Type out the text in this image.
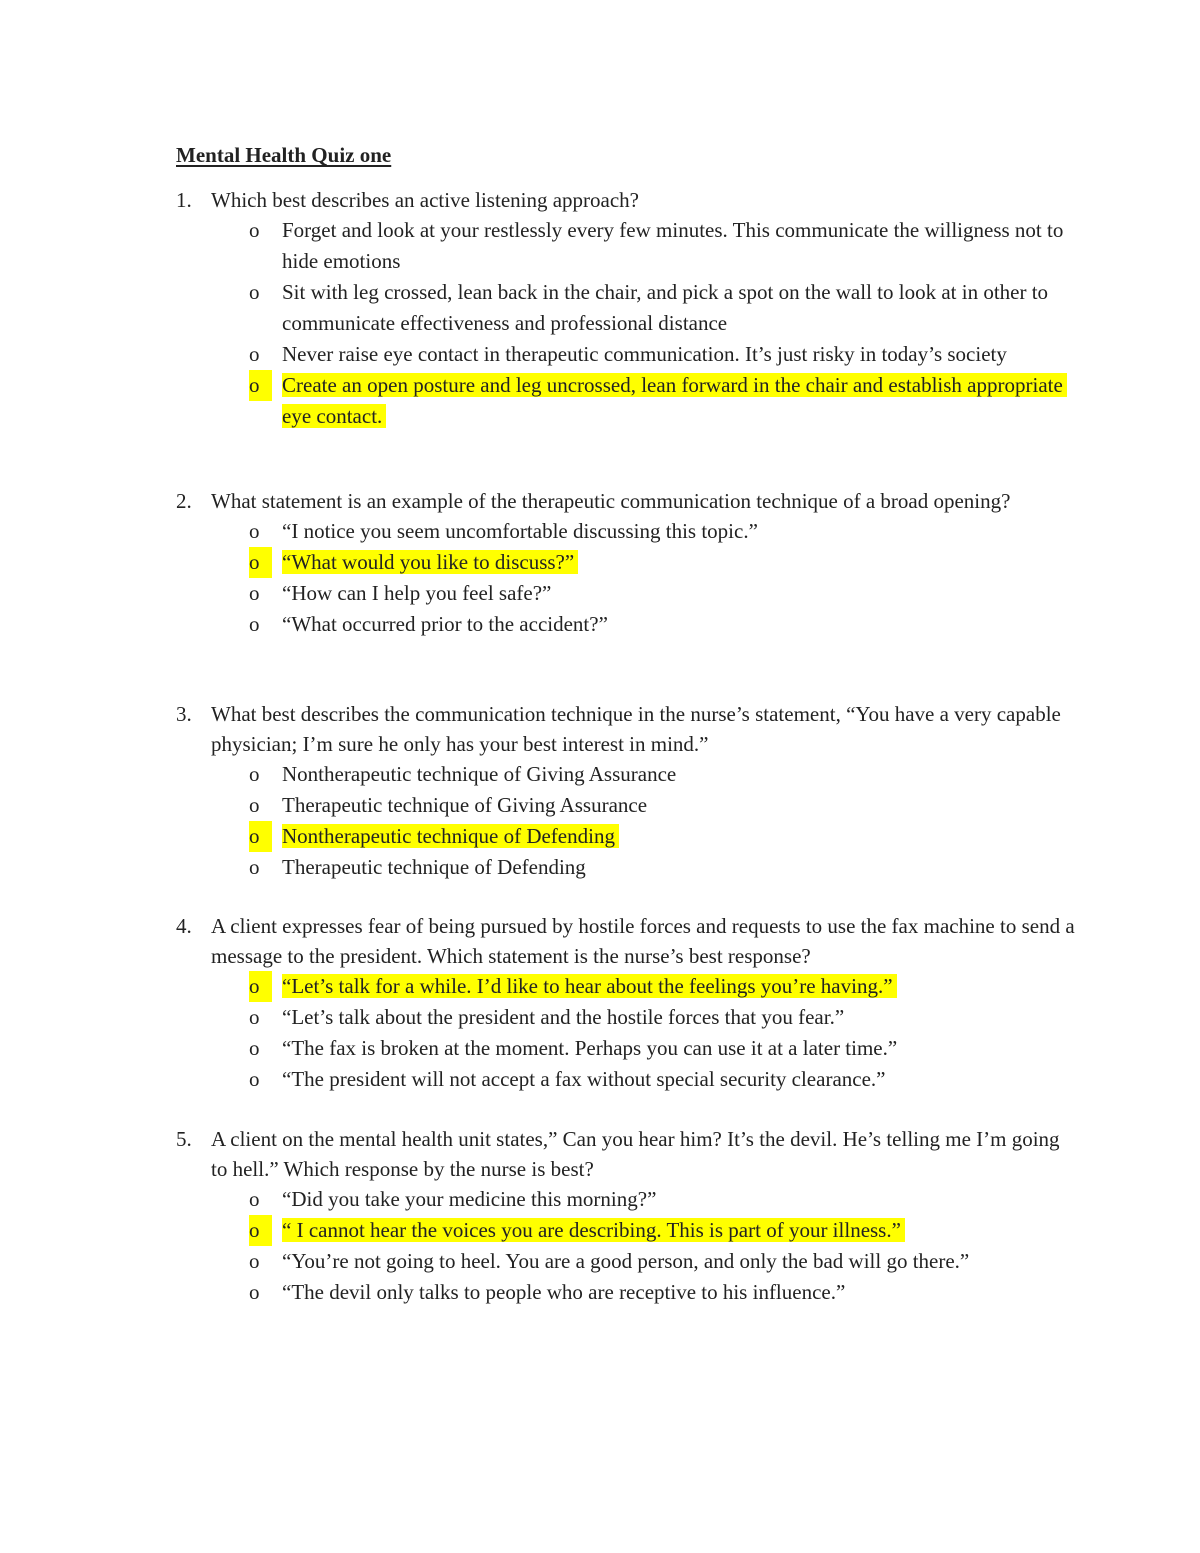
Mental Health Quiz one
1. Which best describes an active listening approach?
o Forget and look at your restlessly every few minutes. This communicate the willigness not to hide emotions
o Sit with leg crossed, lean back in the chair, and pick a spot on the wall to look at in other to communicate effectiveness and professional distance
o Never raise eye contact in therapeutic communication. It’s just risky in today’s society
o	Create an open posture and leg uncrossed, lean forward in the chair and establish appropriate eye contact.
2. What statement is an example of the therapeutic communication technique of a broad opening?
o “I notice you seem uncomfortable discussing this topic.”
o	“What would you like to discuss?”
o “How can I help you feel safe?”
o “What occurred prior to the accident?”
3. What best describes the communication technique in the nurse’s statement, “You have a very capable physician; I’m sure he only has your best interest in mind.”
o Nontherapeutic technique of Giving Assurance
o Therapeutic technique of Giving Assurance
o	Nontherapeutic technique of Defending
o Therapeutic technique of Defending
4. A client expresses fear of being pursued by hostile forces and requests to use the fax machine to send a message to the president. Which statement is the nurse’s best response?
o	“Let’s talk for a while. I’d like to hear about the feelings you’re having.”
o “Let’s talk about the president and the hostile forces that you fear.”
o “The fax is broken at the moment. Perhaps you can use it at a later time.”
o “The president will not accept a fax without special security clearance.”
5. A client on the mental health unit states,” Can you hear him? It’s the devil. He’s telling me I’m going to hell.” Which response by the nurse is best?
o “Did you take your medicine this morning?”
o	“ I cannot hear the voices you are describing. This is part of your illness.”
o “You’re not going to heel. You are a good person, and only the bad will go there.”
o “The devil only talks to people who are receptive to his influence.”
